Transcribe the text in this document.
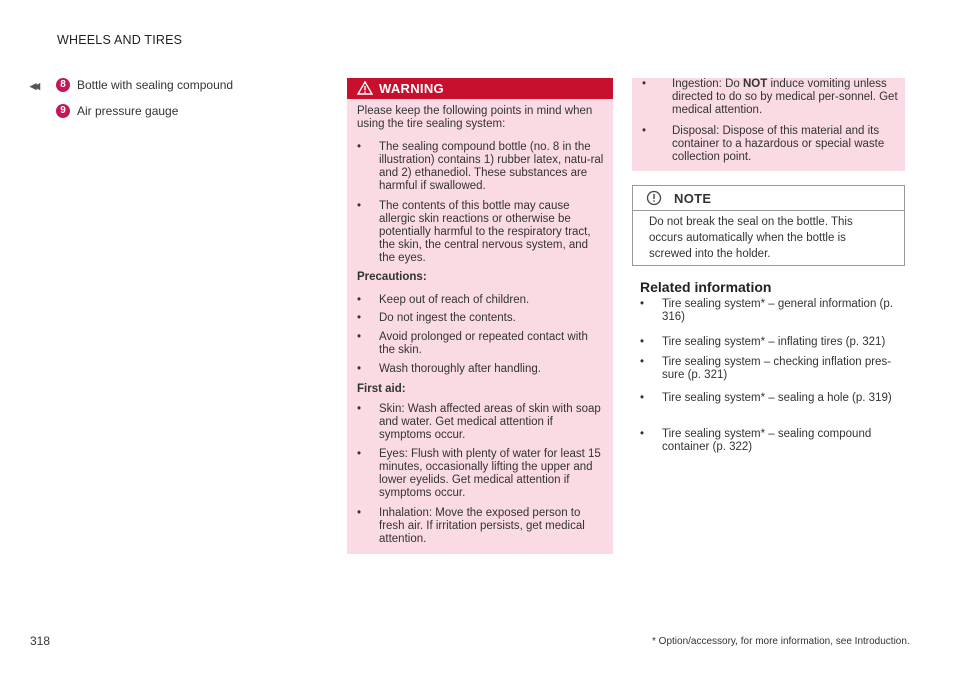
WHEELS AND TIRES
◂◂	8 Bottle with sealing compound
9 Air pressure gauge
WARNING
Please keep the following points in mind when using the tire sealing system:
• The sealing compound bottle (no. 8 in the illustration) contains 1) rubber latex, natu-ral and 2) ethanediol. These substances are harmful if swallowed.
• The contents of this bottle may cause allergic skin reactions or otherwise be potentially harmful to the respiratory tract, the skin, the central nervous system, and the eyes.
Precautions:
• Keep out of reach of children.
• Do not ingest the contents.
• Avoid prolonged or repeated contact with the skin.
• Wash thoroughly after handling.
First aid:
• Skin: Wash affected areas of skin with soap and water. Get medical attention if symptoms occur.
• Eyes: Flush with plenty of water for least 15 minutes, occasionally lifting the upper and lower eyelids. Get medical attention if symptoms occur.
• Inhalation: Move the exposed person to fresh air. If irritation persists, get medical attention.
• Ingestion: Do NOT induce vomiting unless directed to do so by medical per-sonnel. Get medical attention.
• Disposal: Dispose of this material and its container to a hazardous or special waste collection point.
NOTE
Do not break the seal on the bottle. This occurs automatically when the bottle is screwed into the holder.
Related information
• Tire sealing system* – general information (p. 316)
• Tire sealing system* – inflating tires (p. 321)
• Tire sealing system – checking inflation pres-sure (p. 321)
• Tire sealing system* – sealing a hole (p. 319)
• Tire sealing system* – sealing compound container (p. 322)
318	* Option/accessory, for more information, see Introduction.
